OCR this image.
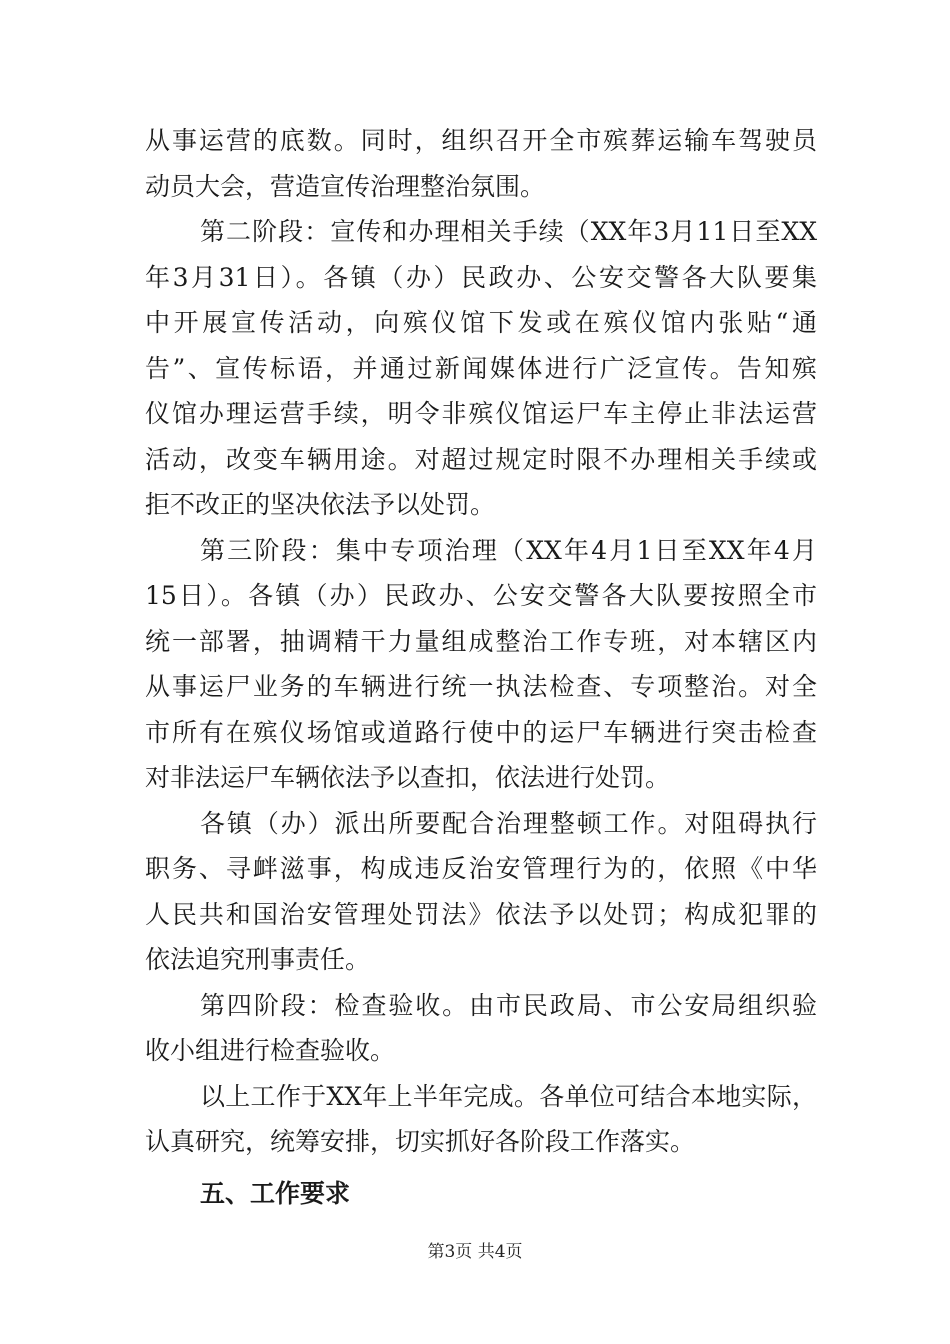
从事运营的底数。同时，组织召开全市殡葬运输车驾驶员
动员大会，营造宣传治理整治氛围。
第二阶段：宣传和办理相关手续（XX年3月11日至XX
年3月31日）。各镇（办）民政办、公安交警各大队要集
中开展宣传活动，向殡仪馆下发或在殡仪馆内张贴“通
告”、宣传标语，并通过新闻媒体进行广泛宣传。告知殡
仪馆办理运营手续，明令非殡仪馆运尸车主停止非法运营
活动，改变车辆用途。对超过规定时限不办理相关手续或
拒不改正的坚决依法予以处罚。
第三阶段：集中专项治理（XX年4月1日至XX年4月
15日）。各镇（办）民政办、公安交警各大队要按照全市
统一部署，抽调精干力量组成整治工作专班，对本辖区内
从事运尸业务的车辆进行统一执法检查、专项整治。对全
市所有在殡仪场馆或道路行使中的运尸车辆进行突击检查
对非法运尸车辆依法予以查扣，依法进行处罚。
各镇（办）派出所要配合治理整顿工作。对阻碍执行
职务、寻衅滋事，构成违反治安管理行为的，依照《中华
人民共和国治安管理处罚法》依法予以处罚；构成犯罪的
依法追究刑事责任。
第四阶段：检查验收。由市民政局、市公安局组织验
收小组进行检查验收。
以上工作于XX年上半年完成。各单位可结合本地实际，
认真研究，统筹安排，切实抓好各阶段工作落实。
五、工作要求
第3页 共4页
